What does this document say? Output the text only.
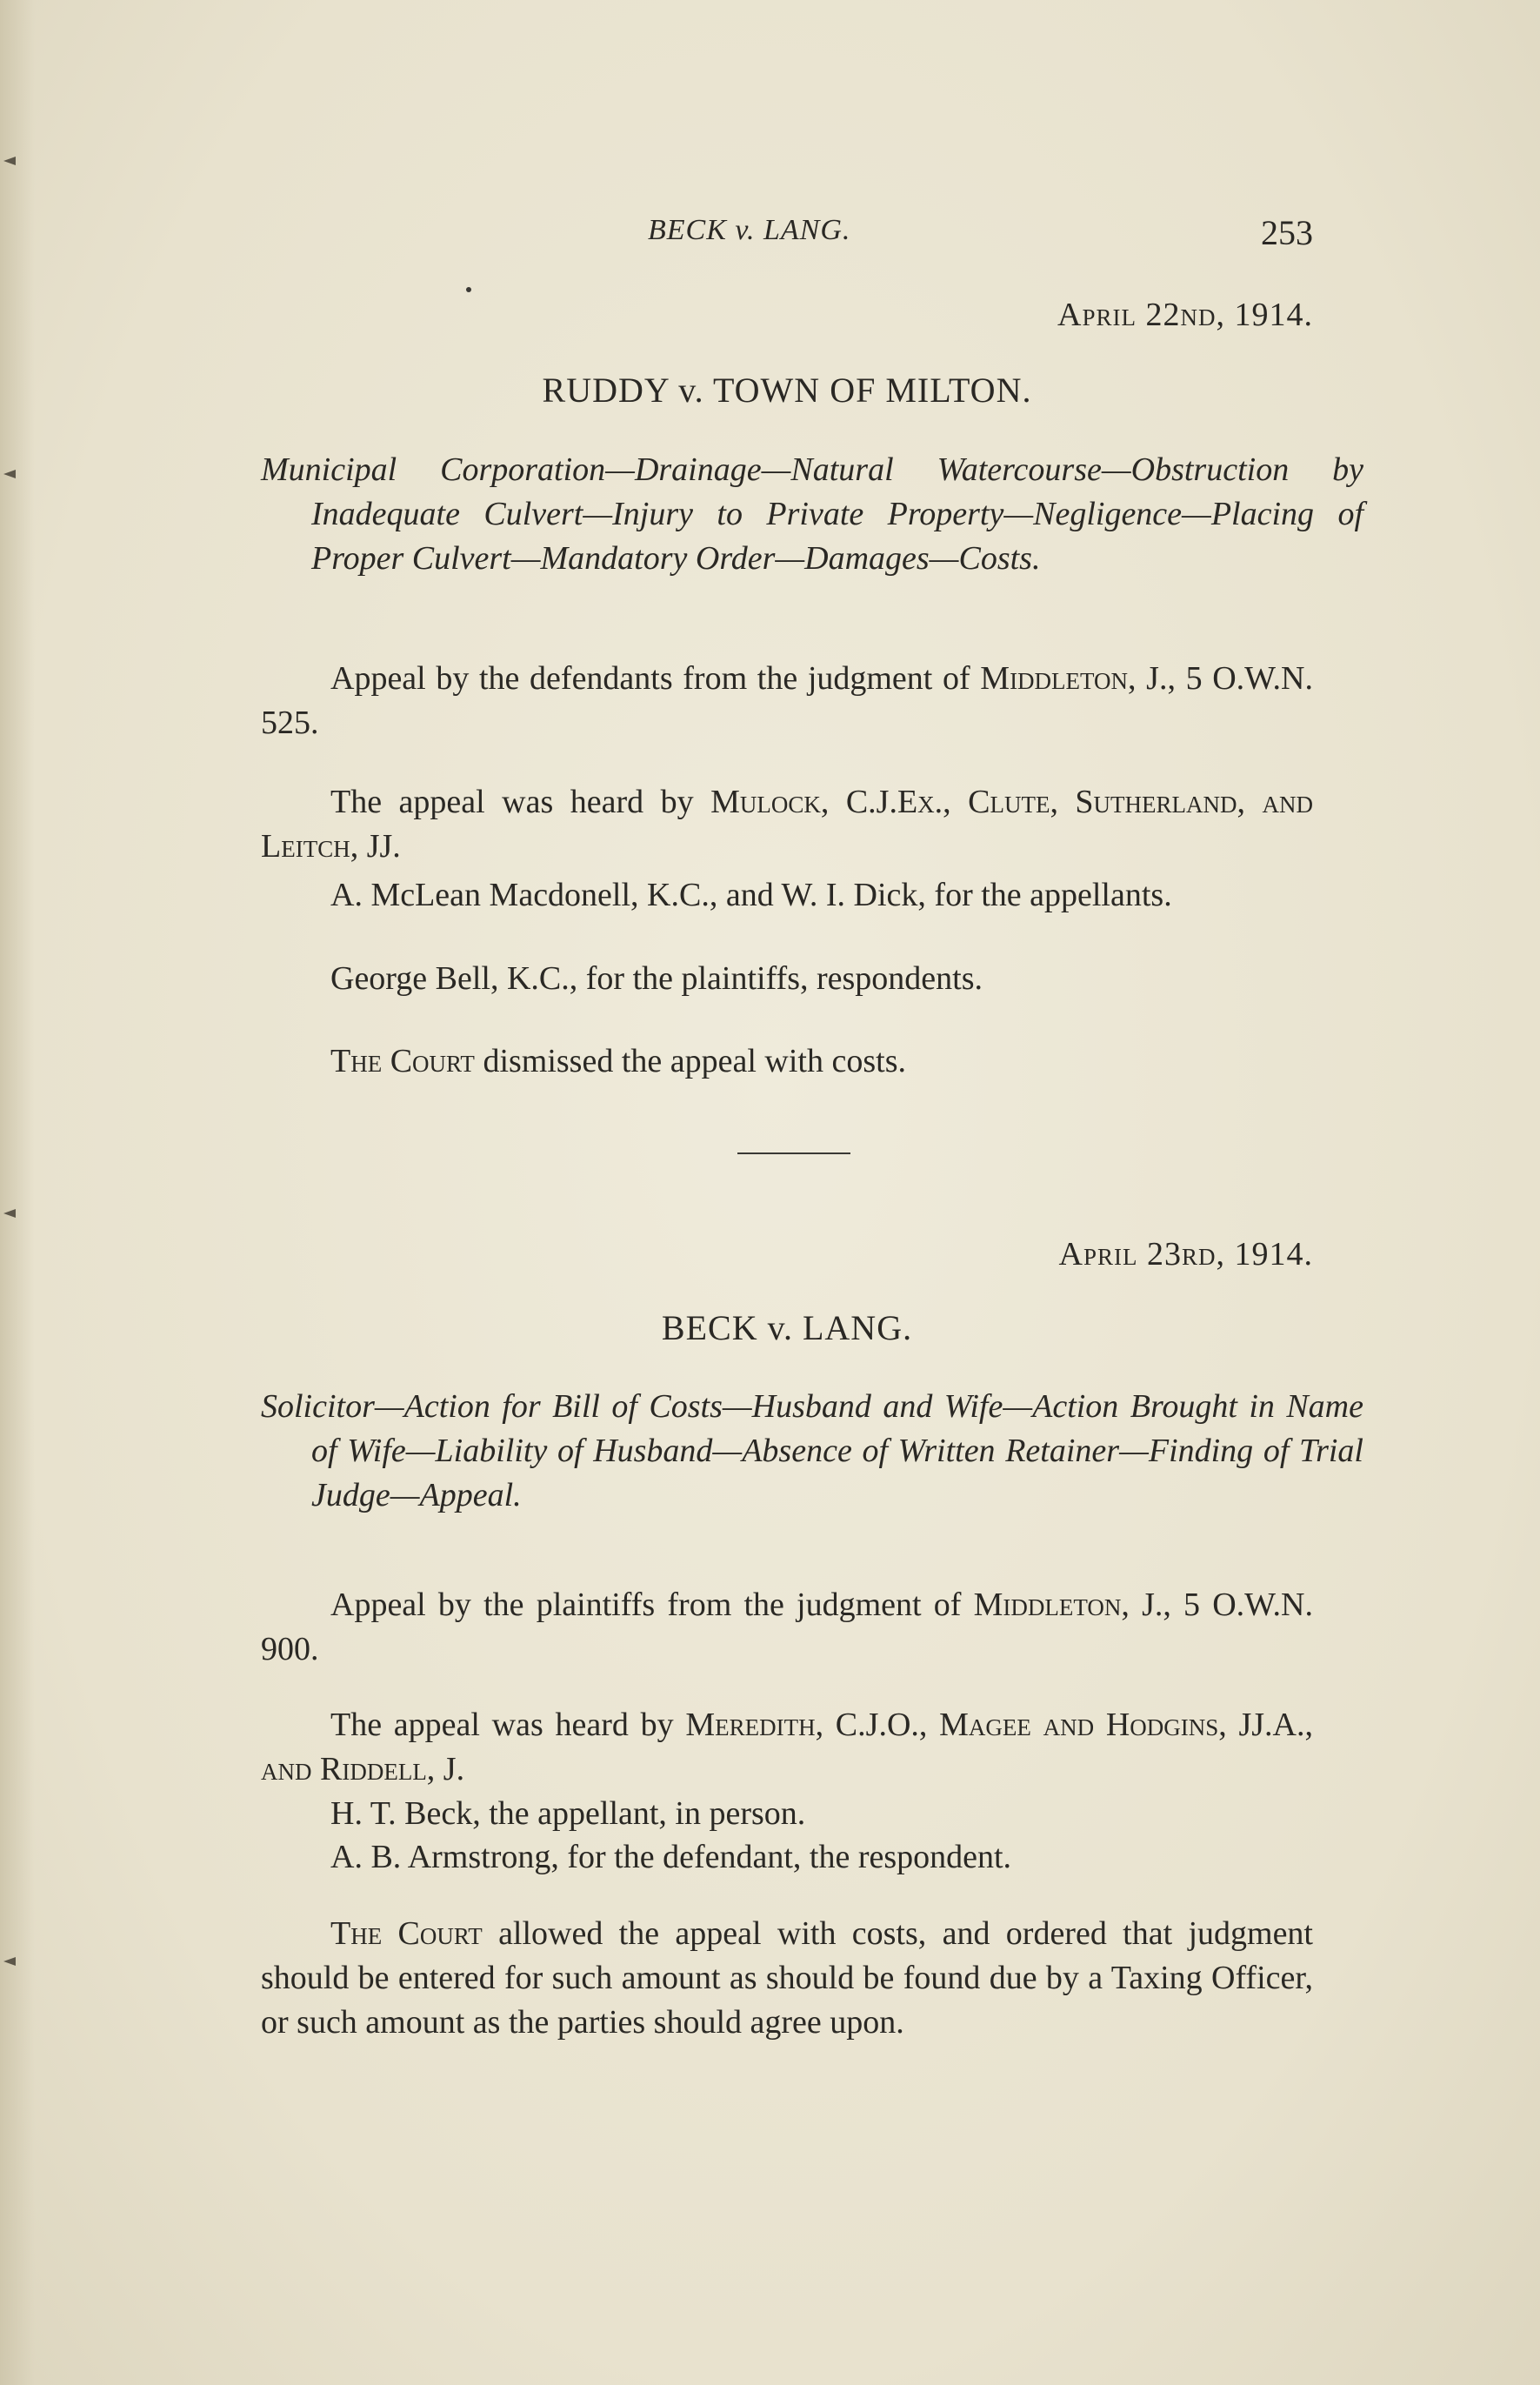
BECK v. LANG.	253
April 22nd, 1914.
RUDDY v. TOWN OF MILTON.
Municipal Corporation—Drainage—Natural Watercourse—Obstruction by Inadequate Culvert—Injury to Private Property—Negligence—Placing of Proper Culvert—Mandatory Order—Damages—Costs.
Appeal by the defendants from the judgment of Middleton, J., 5 O.W.N. 525.
The appeal was heard by Mulock, C.J.Ex., Clute, Sutherland, and Leitch, JJ.
A. McLean Macdonell, K.C., and W. I. Dick, for the appellants.
George Bell, K.C., for the plaintiffs, respondents.
The Court dismissed the appeal with costs.
April 23rd, 1914.
BECK v. LANG.
Solicitor—Action for Bill of Costs—Husband and Wife—Action Brought in Name of Wife—Liability of Husband—Absence of Written Retainer—Finding of Trial Judge—Appeal.
Appeal by the plaintiffs from the judgment of Middleton, J., 5 O.W.N. 900.
The appeal was heard by Meredith, C.J.O., Magee and Hodgins, JJ.A., and Riddell, J.
H. T. Beck, the appellant, in person.
A. B. Armstrong, for the defendant, the respondent.
The Court allowed the appeal with costs, and ordered that judgment should be entered for such amount as should be found due by a Taxing Officer, or such amount as the parties should agree upon.
